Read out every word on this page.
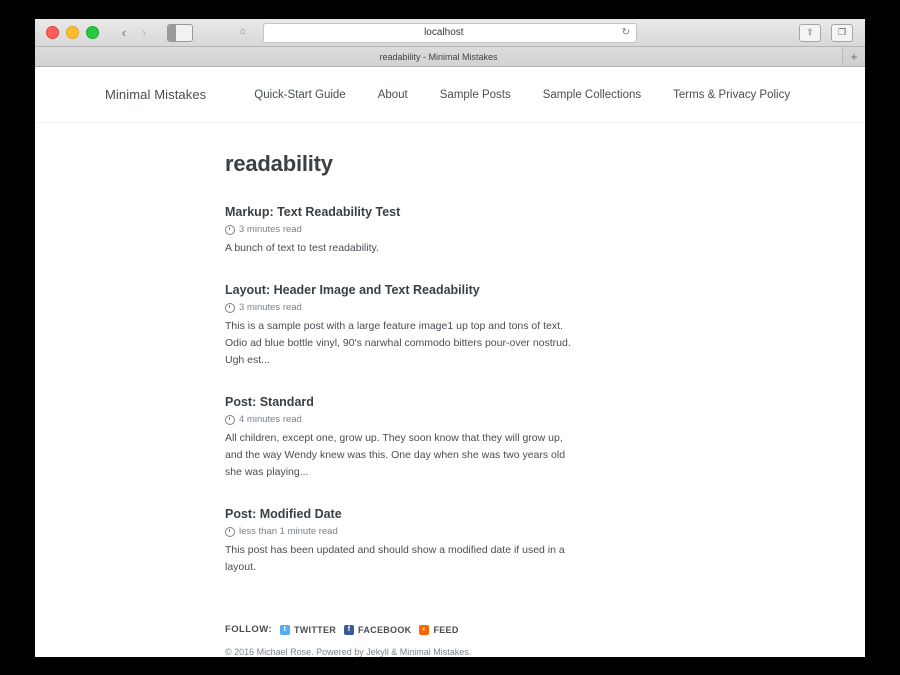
‹	›	⌂	localhost	↻	⇧	❐
readability - Minimal Mistakes	+
Minimal Mistakes	Quick-Start Guide	About	Sample Posts	Sample Collections	Terms & Privacy Policy
readability
Markup: Text Readability Test

3 minutes read

A bunch of text to test readability.

Layout: Header Image and Text Readability

3 minutes read

This is a sample post with a large feature image1 up top and tons of text. Odio ad blue bottle vinyl, 90's narwhal commodo bitters pour-over nostrud. Ugh est...

Post: Standard

4 minutes read

All children, except one, grow up. They soon know that they will grow up, and the way Wendy knew was this. One day when she was two years old she was playing...

Post: Modified Date

less than 1 minute read

This post has been updated and should show a modified date if used in a layout.

FOLLOW:	t TWITTER	f FACEBOOK	◐ FEED
© 2016 Michael Rose. Powered by Jekyll & Minimal Mistakes.
